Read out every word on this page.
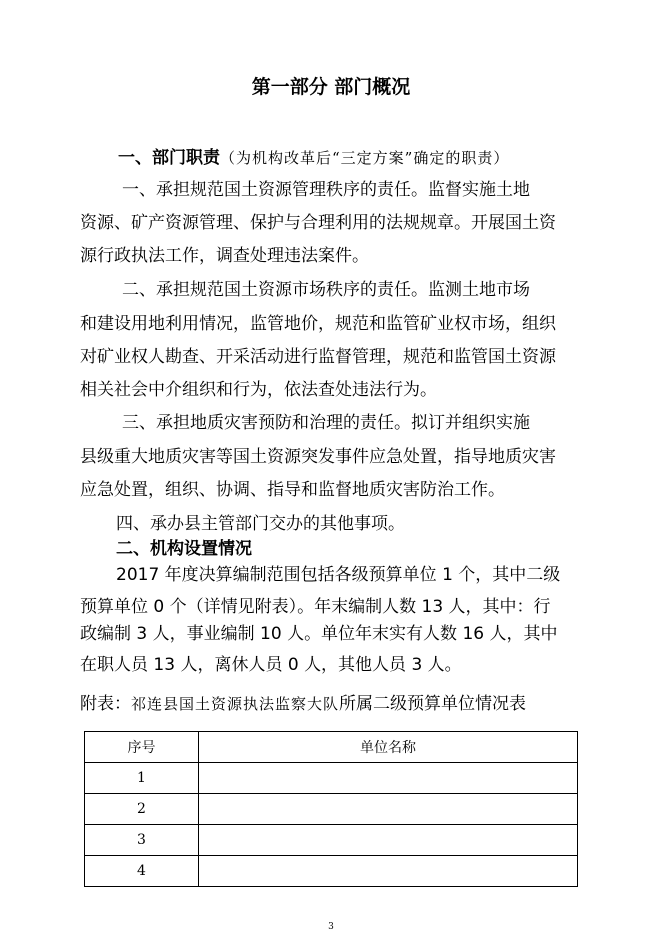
第一部分 部门概况
一、部门职责（为机构改革后“三定方案”确定的职责）
一、承担规范国土资源管理秩序的责任。监督实施土地
资源、矿产资源管理、保护与合理利用的法规规章。开展国土资
源行政执法工作，调查处理违法案件。
二、承担规范国土资源市场秩序的责任。监测土地市场
和建设用地利用情况，监管地价，规范和监管矿业权市场，组织
对矿业权人勘查、开采活动进行监督管理，规范和监管国土资源
相关社会中介组织和行为，依法查处违法行为。
三、承担地质灾害预防和治理的责任。拟订并组织实施
县级重大地质灾害等国土资源突发事件应急处置，指导地质灾害
应急处置，组织、协调、指导和监督地质灾害防治工作。
四、承办县主管部门交办的其他事项。
二、机构设置情况
2017 年度决算编制范围包括各级预算单位 1 个，其中二级
预算单位 0 个（详情见附表）。年末编制人数 13 人，其中：行
政编制 3 人，事业编制 10 人。单位年末实有人数 16 人，其中
在职人员 13 人，离休人员 0 人，其他人员 3 人。
附表：祁连县国土资源执法监察大队所属二级预算单位情况表
序号	单位名称
1	
2	
3	
4	
3
